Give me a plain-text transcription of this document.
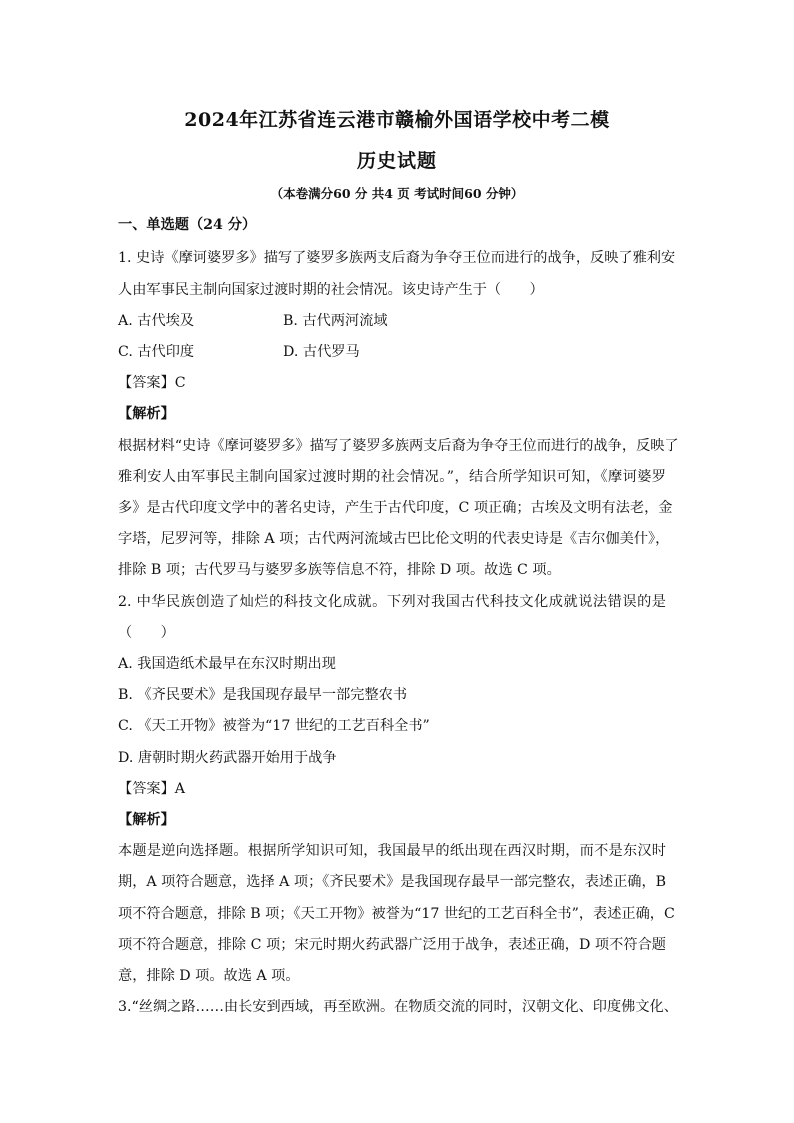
2024年江苏省连云港市赣榆外国语学校中考二模
历史试题
（本卷满分60 分 共4 页 考试时间60 分钟）
一、单选题（24 分）
1. 史诗《摩诃婆罗多》描写了婆罗多族两支后裔为争夺王位而进行的战争，反映了雅利安
人由军事民主制向国家过渡时期的社会情况。该史诗产生于（　　）
A. 古代埃及	B. 古代两河流域
C. 古代印度	D. 古代罗马
【答案】C
【解析】
根据材料“史诗《摩诃婆罗多》描写了婆罗多族两支后裔为争夺王位而进行的战争，反映了
雅利安人由军事民主制向国家过渡时期的社会情况。”，结合所学知识可知，《摩诃婆罗
多》是古代印度文学中的著名史诗，产生于古代印度，C 项正确；古埃及文明有法老，金
字塔，尼罗河等，排除 A 项；古代两河流域古巴比伦文明的代表史诗是《吉尔伽美什》，
排除 B 项；古代罗马与婆罗多族等信息不符，排除 D 项。故选 C 项。
2. 中华民族创造了灿烂的科技文化成就。下列对我国古代科技文化成就说法错误的是
（　　）
A. 我国造纸术最早在东汉时期出现
B. 《齐民要术》是我国现存最早一部完整农书
C. 《天工开物》被誉为“17 世纪的工艺百科全书”
D. 唐朝时期火药武器开始用于战争
【答案】A
【解析】
本题是逆向选择题。根据所学知识可知，我国最早的纸出现在西汉时期，而不是东汉时
期，A 项符合题意，选择 A 项；《齐民要术》是我国现存最早一部完整农，表述正确，B
项不符合题意，排除 B 项；《天工开物》被誉为“17 世纪的工艺百科全书”，表述正确，C
项不符合题意，排除 C 项；宋元时期火药武器广泛用于战争，表述正确，D 项不符合题
意，排除 D 项。故选 A 项。
3.“丝绸之路……由长安到西域，再至欧洲。在物质交流的同时，汉朝文化、印度佛文化、
